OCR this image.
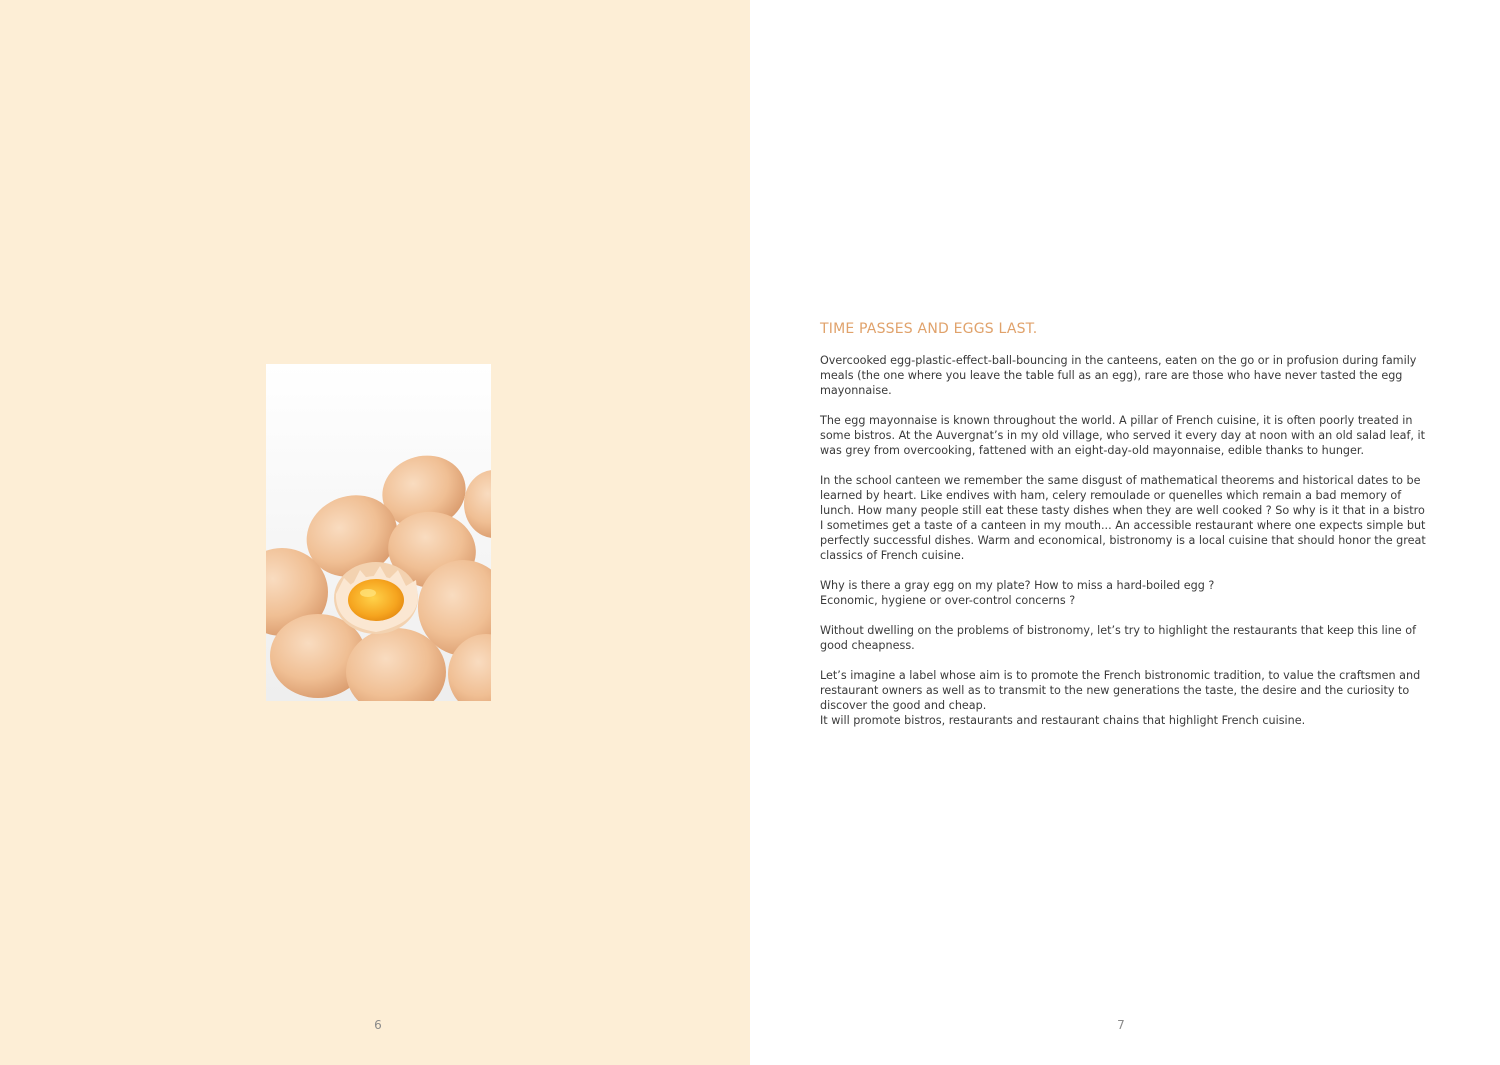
6
TIME PASSES AND EGGS LAST.

Overcooked egg-plastic-effect-ball-bouncing in the canteens, eaten on the go or in profusion during family meals (the one where you leave the table full as an egg), rare are those who have never tasted the egg mayonnaise.

The egg mayonnaise is known throughout the world. A pillar of French cuisine, it is often poorly treated in some bistros. At the Auvergnat’s in my old village, who served it every day at noon with an old salad leaf, it was grey from overcooking, fattened with an eight-day-old mayonnaise, edible thanks to hunger.

In the school canteen we remember the same disgust of mathematical theorems and historical dates to be learned by heart. Like endives with ham, celery remoulade or quenelles which remain a bad memory of lunch. How many people still eat these tasty dishes when they are well cooked ? So why is it that in a bistro I sometimes get a taste of a canteen in my mouth... An accessible restaurant where one expects simple but perfectly successful dishes. Warm and economical, bistronomy is a local cuisine that should honor the great classics of French cuisine.

Why is there a gray egg on my plate? How to miss a hard-boiled egg ?
Economic, hygiene or over-control concerns ?

Without dwelling on the problems of bistronomy, let’s try to highlight the restaurants that keep this line of good cheapness.

Let’s imagine a label whose aim is to promote the French bistronomic tradition, to value the craftsmen and restaurant owners as well as to transmit to the new generations the taste, the desire and the curiosity to discover the good and cheap.
It will promote bistros, restaurants and restaurant chains that highlight French cuisine.

7
